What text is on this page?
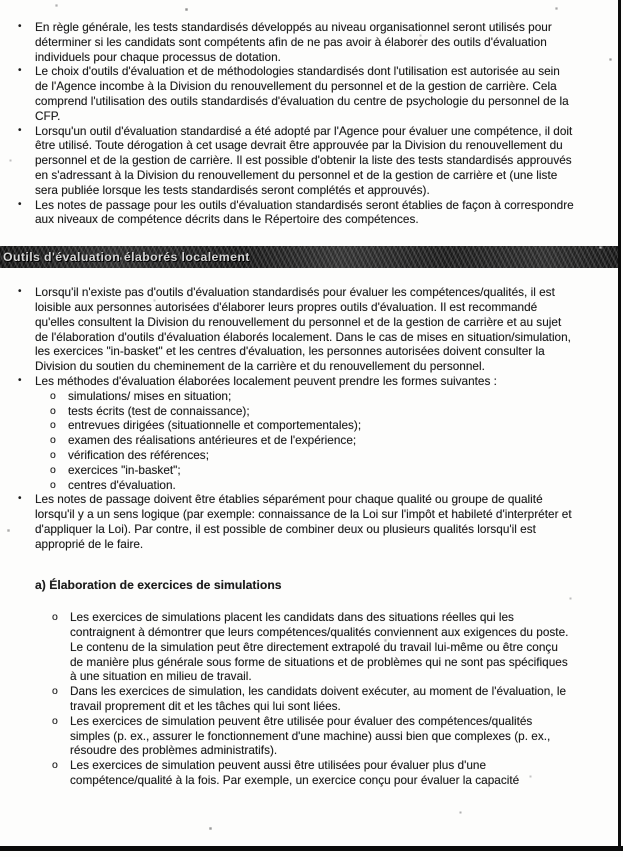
•	En règle générale, les tests standardisés développés au niveau organisationnel seront utilisés pour déterminer si les candidats sont compétents afin de ne pas avoir à élaborer des outils d'évaluation individuels pour chaque processus de dotation.
•	Le choix d'outils d'évaluation et de méthodologies standardisés dont l'utilisation est autorisée au sein de l'Agence incombe à la Division du renouvellement du personnel et de la gestion de carrière. Cela comprend l'utilisation des outils standardisés d'évaluation du centre de psychologie du personnel de la CFP.
•	Lorsqu'un outil d'évaluation standardisé a été adopté par l'Agence pour évaluer une compétence, il doit être utilisé. Toute dérogation à cet usage devrait être approuvée par la Division du renouvellement du personnel et de la gestion de carrière. Il est possible d'obtenir la liste des tests standardisés approuvés en s'adressant à la Division du renouvellement du personnel et de la gestion de carrière et (une liste sera publiée lorsque les tests standardisés seront complétés et approuvés).
•	Les notes de passage pour les outils d'évaluation standardisés seront établies de façon à correspondre aux niveaux de compétence décrits dans le Répertoire des compétences.
Outils d'évaluation élaborés localement
•	Lorsqu'il n'existe pas d'outils d'évaluation standardisés pour évaluer les compétences/qualités, il est loisible aux personnes autorisées d'élaborer leurs propres outils d'évaluation. Il est recommandé qu'elles consultent la Division du renouvellement du personnel et de la gestion de carrière et au sujet de l'élaboration d'outils d'évaluation élaborés localement. Dans le cas de mises en situation/simulation, les exercices "in-basket" et les centres d'évaluation, les personnes autorisées doivent consulter la Division du soutien du cheminement de la carrière et du renouvellement du personnel.
•	Les méthodes d'évaluation élaborées localement peuvent prendre les formes suivantes :
o	simulations/ mises en situation;
o	tests écrits (test de connaissance);
o	entrevues dirigées (situationnelle et comportementales);
o	examen des réalisations antérieures et de l'expérience;
o	vérification des références;
o	exercices "in-basket";
o	centres d'évaluation.
•	Les notes de passage doivent être établies séparément pour chaque qualité ou groupe de qualité lorsqu'il y a un sens logique (par exemple: connaissance de la Loi sur l'impôt et habileté d'interpréter et d'appliquer la Loi). Par contre, il est possible de combiner deux ou plusieurs qualités lorsqu'il est approprié de le faire.
a) Élaboration de exercices de simulations
o	Les exercices de simulations placent les candidats dans des situations réelles qui les contraignent à démontrer que leurs compétences/qualités conviennent aux exigences du poste. Le contenu de la simulation peut être directement extrapolé du travail lui-même ou être conçu de manière plus générale sous forme de situations et de problèmes qui ne sont pas spécifiques à une situation en milieu de travail.
o	Dans les exercices de simulation, les candidats doivent exécuter, au moment de l'évaluation, le travail proprement dit et les tâches qui lui sont liées.
o	Les exercices de simulation peuvent être utilisée pour évaluer des compétences/qualités simples (p. ex., assurer le fonctionnement d'une machine) aussi bien que complexes (p. ex., résoudre des problèmes administratifs).
o	Les exercices de simulation peuvent aussi être utilisées pour évaluer plus d'une compétence/qualité à la fois. Par exemple, un exercice conçu pour évaluer la capacité
